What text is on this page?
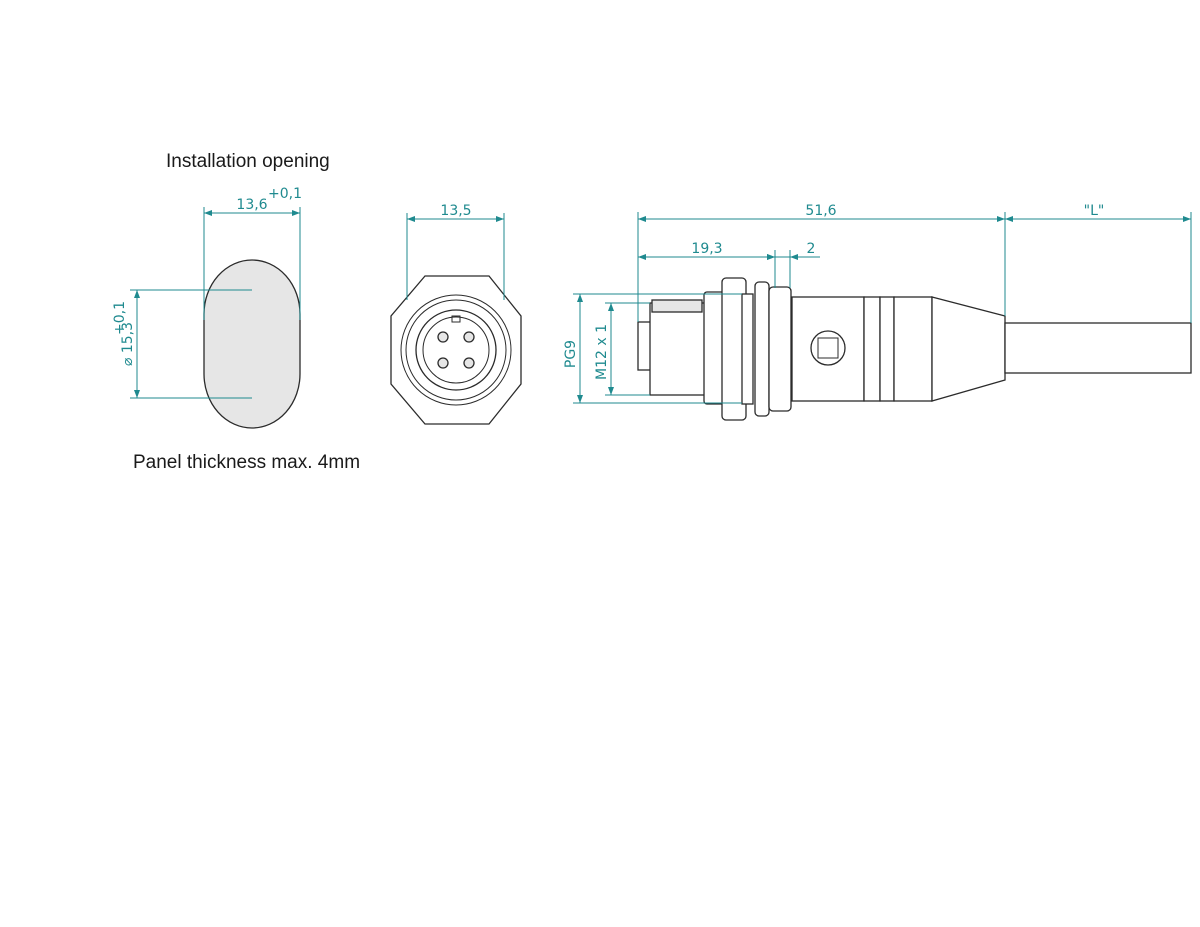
Installation opening
Panel thickness max. 4mm
13,6
+0,1
⌀ 15,3
+0,1
13,5	51,6	"L"
19,3	2
PG9 M12 x 1
